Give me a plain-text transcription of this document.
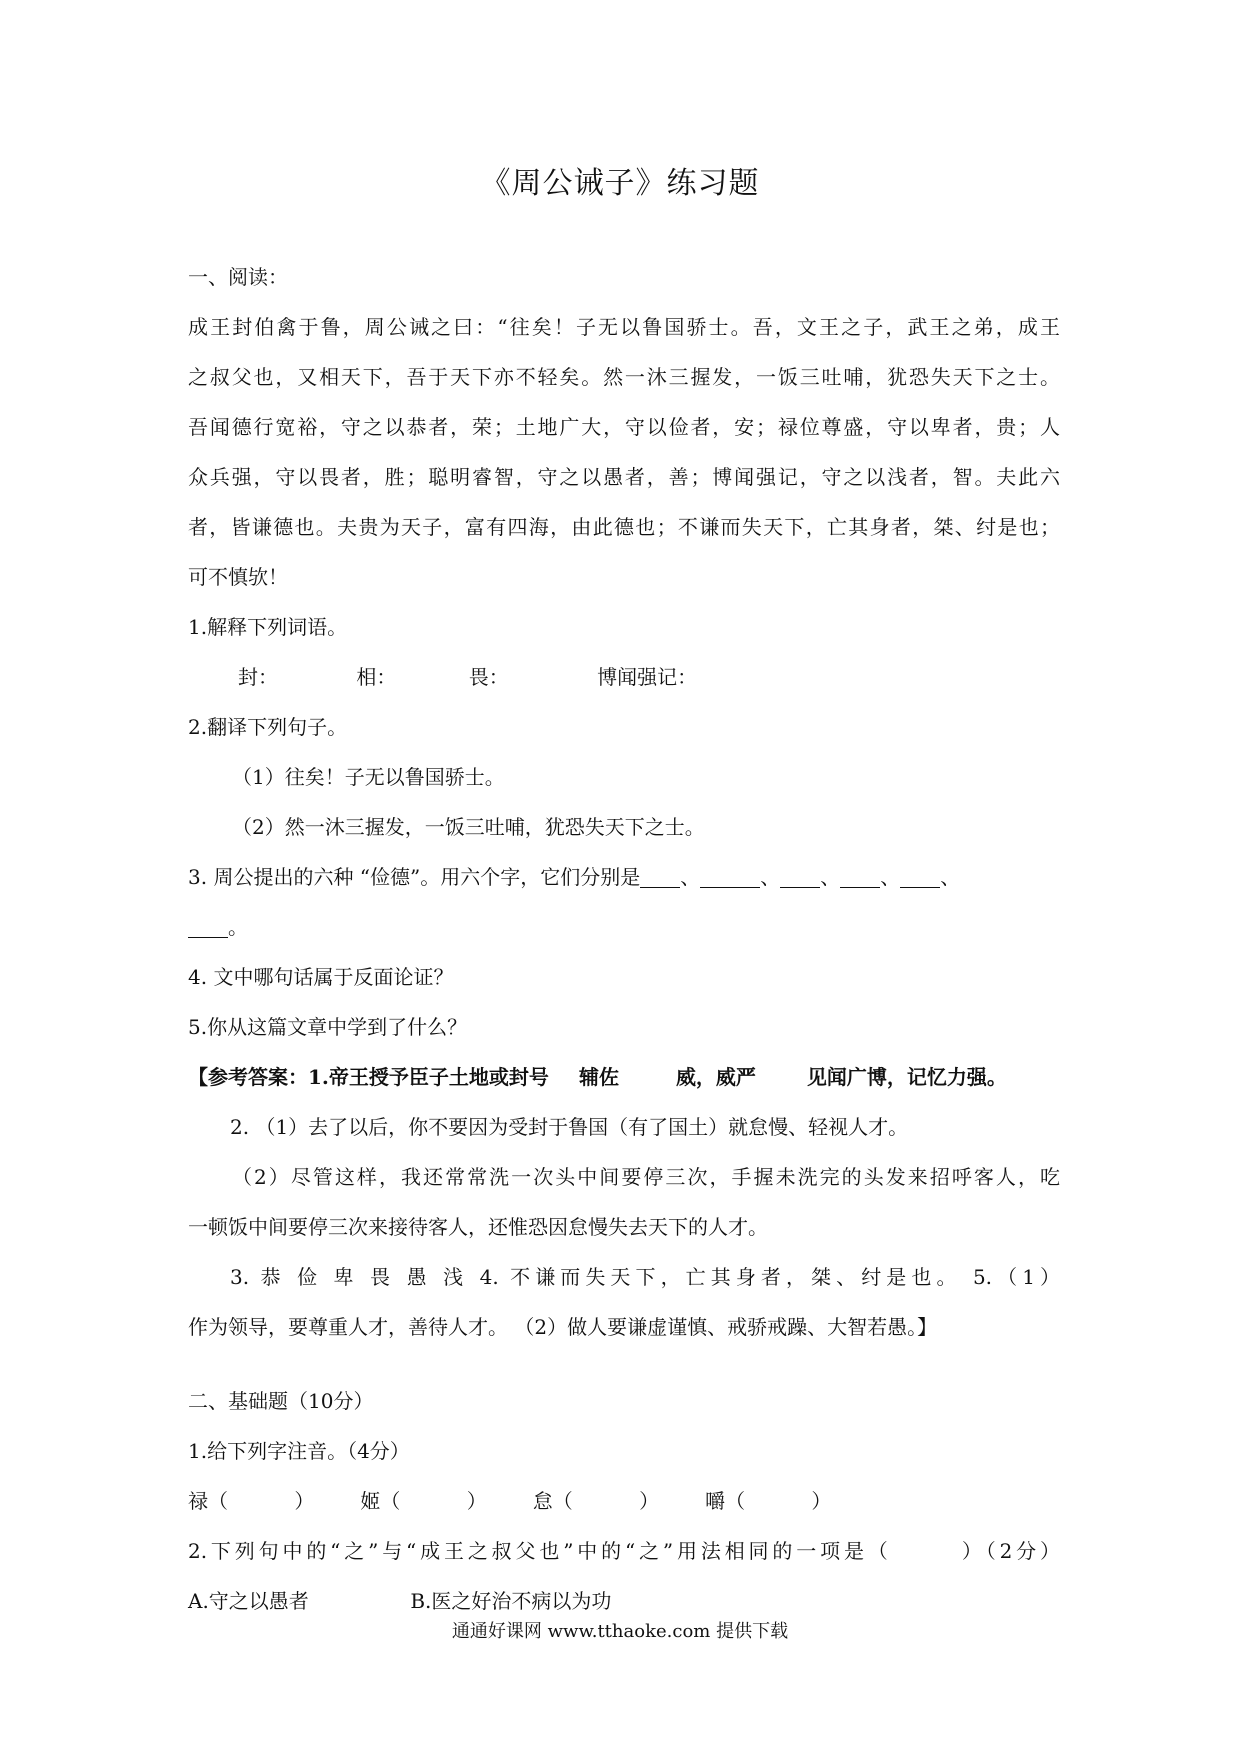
《周公诫子》练习题
一、阅读：
成王封伯禽于鲁，周公诫之曰：“往矣！子无以鲁国骄士。吾，文王之子，武王之弟，成王
之叔父也，又相天下，吾于天下亦不轻矣。然一沐三握发，一饭三吐哺，犹恐失天下之士。
吾闻德行宽裕，守之以恭者，荣；土地广大，守以俭者，安；禄位尊盛，守以卑者，贵；人
众兵强，守以畏者，胜；聪明睿智，守之以愚者，善；博闻强记，守之以浅者，智。夫此六
者，皆谦德也。夫贵为天子，富有四海，由此德也；不谦而失天下，亡其身者，桀、纣是也；
可不慎欤！
1.解释下列词语。
封：	相：	畏：	博闻强记：
2.翻译下列句子。
（1）往矣！子无以鲁国骄士。
（2）然一沐三握发，一饭三吐哺，犹恐失天下之士。
3. 周公提出的六种 “俭德”。用六个字，它们分别是 、	、 、 、 、
。
4. 文中哪句话属于反面论证？
5.你从这篇文章中学到了什么？
【参考答案：1.帝王授予臣子土地或封号 辅佐	威，威严	见闻广博，记忆力强。
2. （1）去了以后，你不要因为受封于鲁国（有了国土）就怠慢、轻视人才。
（2）尽管这样，我还常常洗一次头中间要停三次，手握未洗完的头发来招呼客人，吃
一顿饭中间要停三次来接待客人，还惟恐因怠慢失去天下的人才。
3. 恭 俭 卑 畏 愚 浅 4. 不谦而失天下，亡其身者，桀、纣是也。 5.（1）
作为领导，要尊重人才，善待人才。 （2）做人要谦虚谨慎、戒骄戒躁、大智若愚。】
二、基础题（10分）
1.给下列字注音。（4分）
禄（    ） 姬（    ） 怠（    ） 嚼（    ）
2.下列句中的“之”与“成王之叔父也”中的“之”用法相同的一项是（    ）（2分）
A.守之以愚者	B.医之好治不病以为功
通通好课网 www.tthaoke.com 提供下载
